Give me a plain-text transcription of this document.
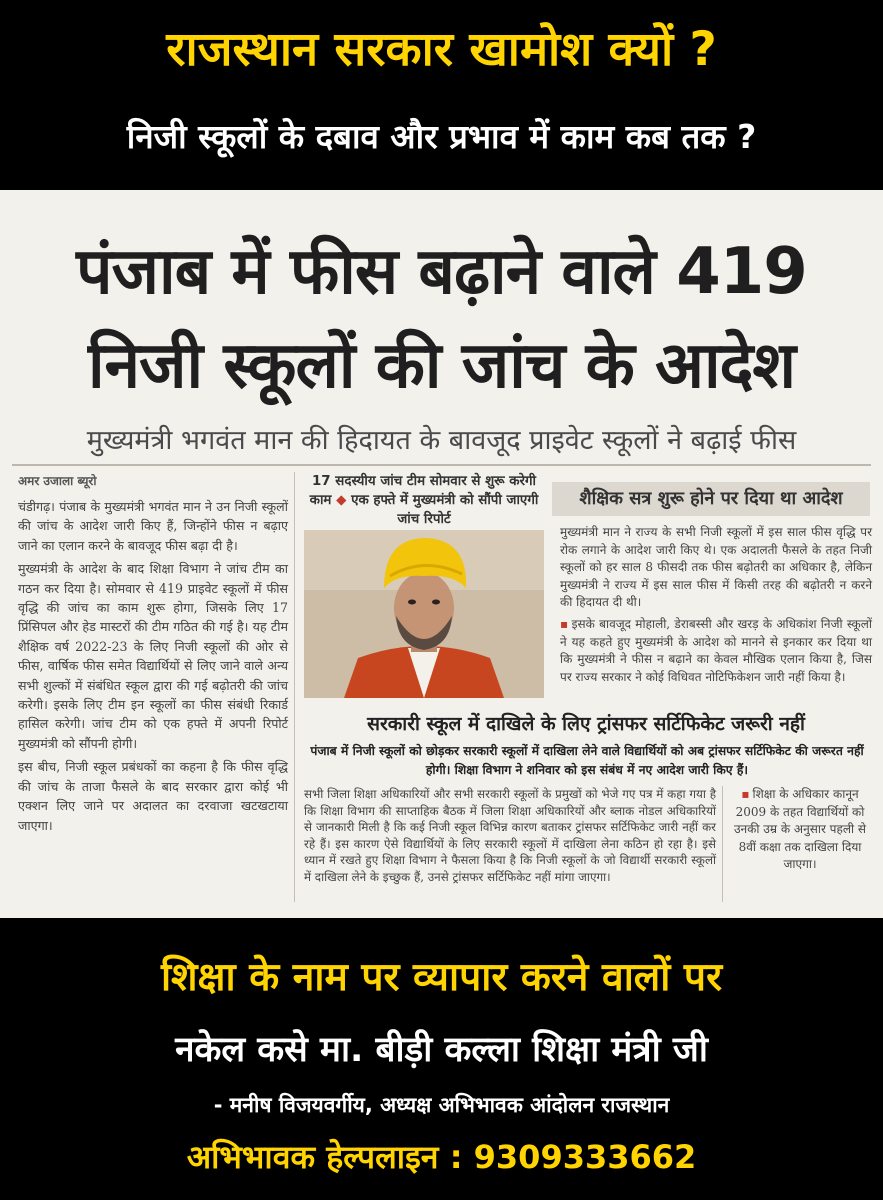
राजस्थान सरकार खामोश क्यों ?
निजी स्कूलों के दबाव और प्रभाव में काम कब तक ?
पंजाब में फीस बढ़ाने वाले 419
निजी स्कूलों की जांच के आदेश
मुख्यमंत्री भगवंत मान की हिदायत के बावजूद प्राइवेट स्कूलों ने बढ़ाई फीस
अमर उजाला ब्यूरो

चंडीगढ़। पंजाब के मुख्यमंत्री भगवंत मान ने उन निजी स्कूलों की जांच के आदेश जारी किए हैं, जिन्होंने फीस न बढ़ाए जाने का एलान करने के बावजूद फीस बढ़ा दी है।

मुख्यमंत्री के आदेश के बाद शिक्षा विभाग ने जांच टीम का गठन कर दिया है। सोमवार से 419 प्राइवेट स्कूलों में फीस वृद्धि की जांच का काम शुरू होगा, जिसके लिए 17 प्रिंसिपल और हेड मास्टरों की टीम गठित की गई है। यह टीम शैक्षिक वर्ष 2022-23 के लिए निजी स्कूलों की ओर से फीस, वार्षिक फीस समेत विद्यार्थियों से लिए जाने वाले अन्य सभी शुल्कों में संबंधित स्कूल द्वारा की गई बढ़ोतरी की जांच करेगी। इसके लिए टीम इन स्कूलों का फीस संबंधी रिकार्ड हासिल करेगी। जांच टीम को एक हफ्ते में अपनी रिपोर्ट मुख्यमंत्री को सौंपनी होगी।

इस बीच, निजी स्कूल प्रबंधकों का कहना है कि फीस वृद्धि की जांच के ताजा फैसले के बाद सरकार द्वारा कोई भी एक्शन लिए जाने पर अदालत का दरवाजा खटखटाया जाएगा।

17 सदस्यीय जांच टीम सोमवार से शुरू करेगी काम ◆ एक हफ्ते में मुख्यमंत्री को सौंपी जाएगी जांच रिपोर्ट
शैक्षिक सत्र शुरू होने पर दिया था आदेश

मुख्यमंत्री मान ने राज्य के सभी निजी स्कूलों में इस साल फीस वृद्धि पर रोक लगाने के आदेश जारी किए थे। एक अदालती फैसले के तहत निजी स्कूलों को हर साल 8 फीसदी तक फीस बढ़ोतरी का अधिकार है, लेकिन मुख्यमंत्री ने राज्य में इस साल फीस में किसी तरह की बढ़ोतरी न करने की हिदायत दी थी।

▪ इसके बावजूद मोहाली, डेराबस्सी और खरड़ के अधिकांश निजी स्कूलों ने यह कहते हुए मुख्यमंत्री के आदेश को मानने से इनकार कर दिया था कि मुख्यमंत्री ने फीस न बढ़ाने का केवल मौखिक एलान किया है, जिस पर राज्य सरकार ने कोई विधिवत नोटिफिकेशन जारी नहीं किया है।

सरकारी स्कूल में दाखिले के लिए ट्रांसफर सर्टिफिकेट जरूरी नहीं
पंजाब में निजी स्कूलों को छोड़कर सरकारी स्कूलों में दाखिला लेने वाले विद्यार्थियों को अब ट्रांसफर सर्टिफिकेट की जरूरत नहीं होगी। शिक्षा विभाग ने शनिवार को इस संबंध में नए आदेश जारी किए हैं।

सभी जिला शिक्षा अधिकारियों और सभी सरकारी स्कूलों के प्रमुखों को भेजे गए पत्र में कहा गया है कि शिक्षा विभाग की साप्ताहिक बैठक में जिला शिक्षा अधिकारियों और ब्लाक नोडल अधिकारियों से जानकारी मिली है कि कई निजी स्कूल विभिन्न कारण बताकर ट्रांसफर सर्टिफिकेट जारी नहीं कर रहे हैं। इस कारण ऐसे विद्यार्थियों के लिए सरकारी स्कूलों में दाखिला लेना कठिन हो रहा है। इसे ध्यान में रखते हुए शिक्षा विभाग ने फैसला किया है कि निजी स्कूलों के जो विद्यार्थी सरकारी स्कूलों में दाखिला लेने के इच्छुक हैं, उनसे ट्रांसफर सर्टिफिकेट नहीं मांगा जाएगा।

▪ शिक्षा के अधिकार कानून 2009 के तहत विद्यार्थियों को उनकी उम्र के अनुसार पहली से 8वीं कक्षा तक दाखिला दिया जाएगा।

शिक्षा के नाम पर व्यापार करने वालों पर
नकेल कसे मा. बीड़ी कल्ला शिक्षा मंत्री जी
- मनीष विजयवर्गीय, अध्यक्ष अभिभावक आंदोलन राजस्थान
अभिभावक हेल्पलाइन : 9309333662
